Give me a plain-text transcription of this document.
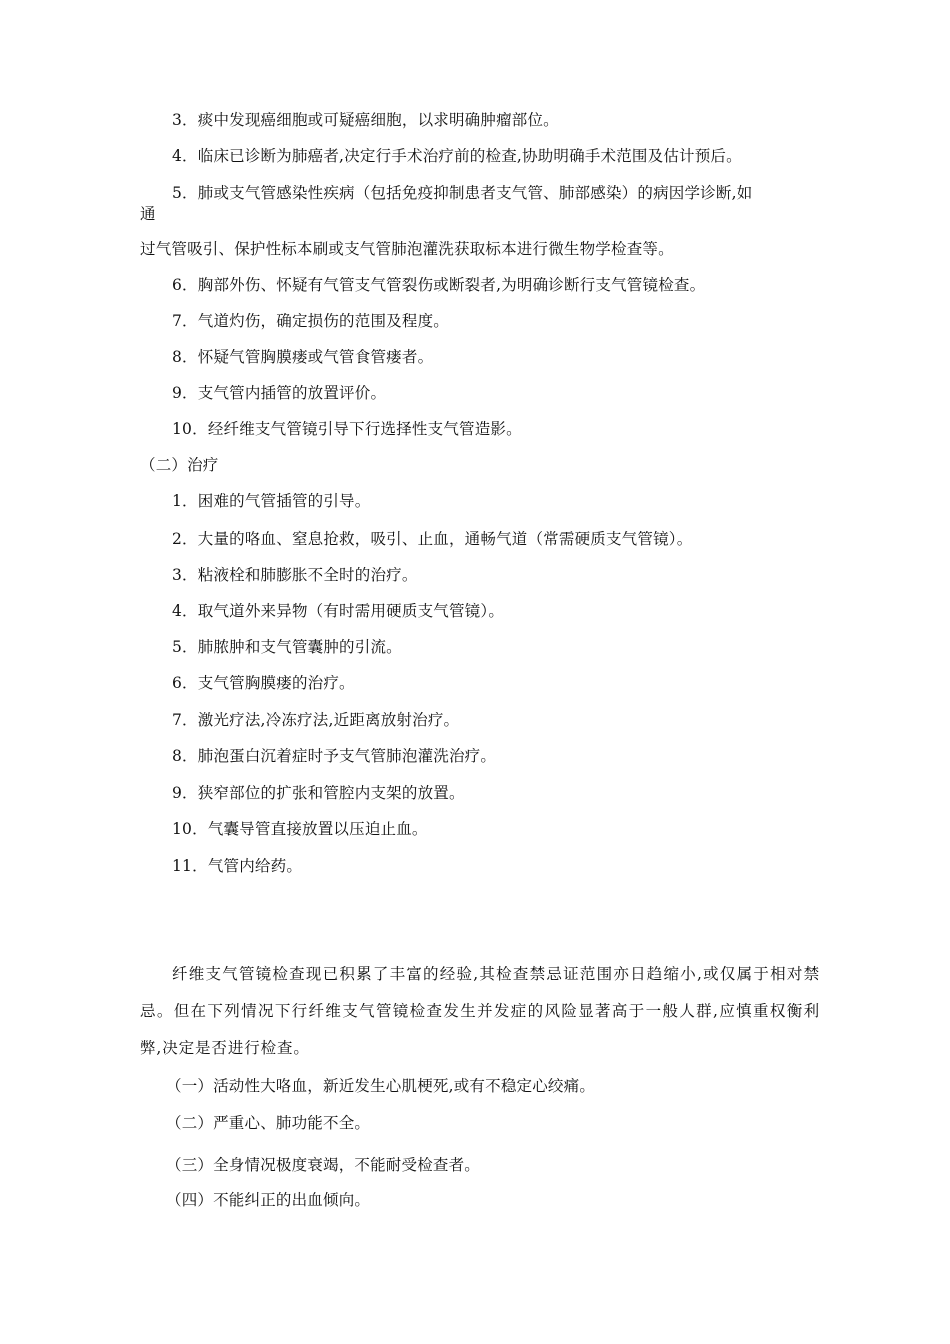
3．痰中发现癌细胞或可疑癌细胞，以求明确肿瘤部位。
4．临床已诊断为肺癌者,决定行手术治疗前的检查,协助明确手术范围及估计预后。
5．肺或支气管感染性疾病（包括免疫抑制患者支气管、肺部感染）的病因学诊断,如
通
过气管吸引、保护性标本刷或支气管肺泡灌洗获取标本进行微生物学检查等。
6．胸部外伤、怀疑有气管支气管裂伤或断裂者,为明确诊断行支气管镜检查。
7．气道灼伤，确定损伤的范围及程度。
8．怀疑气管胸膜瘘或气管食管瘘者。
9．支气管内插管的放置评价。
10．经纤维支气管镜引导下行选择性支气管造影。
（二）治疗
1．困难的气管插管的引导。
2．大量的咯血、窒息抢救，吸引、止血，通畅气道（常需硬质支气管镜）。
3．粘液栓和肺膨胀不全时的治疗。
4．取气道外来异物（有时需用硬质支气管镜）。
5．肺脓肿和支气管囊肿的引流。
6．支气管胸膜瘘的治疗。
7．激光疗法,冷冻疗法,近距离放射治疗。
8．肺泡蛋白沉着症时予支气管肺泡灌洗治疗。
9．狭窄部位的扩张和管腔内支架的放置。
10．气囊导管直接放置以压迫止血。
11．气管内给药。
纤维支气管镜检查现已积累了丰富的经验,其检查禁忌证范围亦日趋缩小,或仅属于相对禁忌。但在下列情况下行纤维支气管镜检查发生并发症的风险显著高于一般人群,应慎重权衡利弊,决定是否进行检查。
（一）活动性大咯血，新近发生心肌梗死,或有不稳定心绞痛。
（二）严重心、肺功能不全。
（三）全身情况极度衰竭，不能耐受检查者。
（四）不能纠正的出血倾向。
